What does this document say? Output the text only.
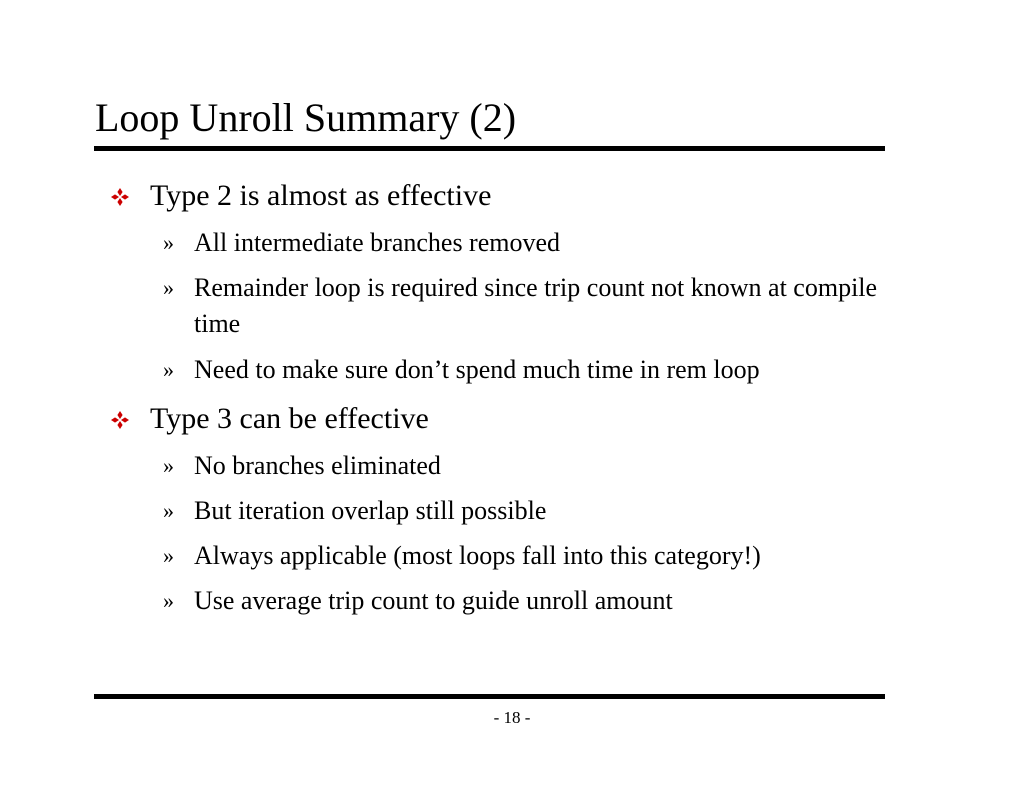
Loop Unroll Summary (2)
Type 2 is almost as effective
» All intermediate branches removed
» Remainder loop is required since trip count not known at compile time
» Need to make sure don’t spend much time in rem loop
Type 3 can be effective
» No branches eliminated
» But iteration overlap still possible
» Always applicable (most loops fall into this category!)
» Use average trip count to guide unroll amount
- 18 -
